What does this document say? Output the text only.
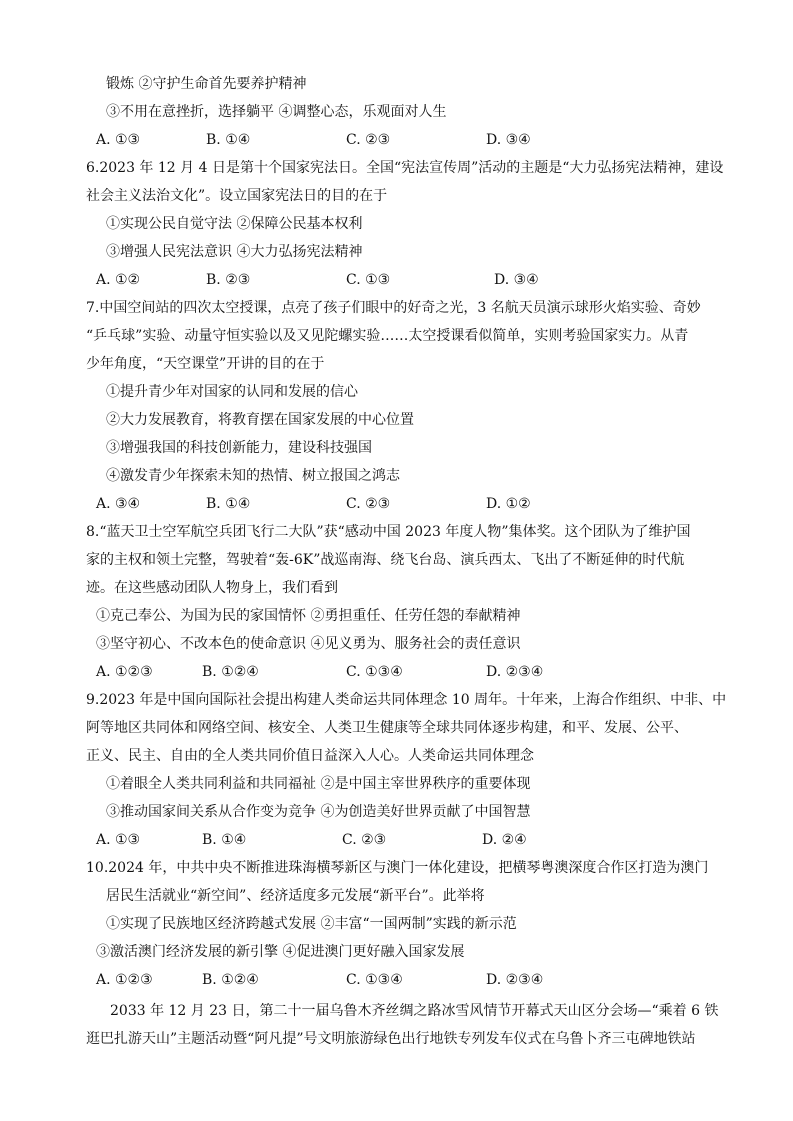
锻炼 ②守护生命首先要养护精神
③不用在意挫折，选择躺平 ④调整心态，乐观面对人生
A. ①③	B. ①④	C. ②③	D. ③④
6.2023 年 12 月 4 日是第十个国家宪法日。全国“宪法宣传周”活动的主题是“大力弘扬宪法精神，建设
社会主义法治文化”。设立国家宪法日的目的在于
①实现公民自觉守法 ②保障公民基本权利
③增强人民宪法意识 ④大力弘扬宪法精神
A. ①②	B. ②③	C. ①③	D. ③④
7.中国空间站的四次太空授课，点亮了孩子们眼中的好奇之光，3 名航天员演示球形火焰实验、奇妙
“乒乓球”实验、动量守恒实验以及又见陀螺实验……太空授课看似简单，实则考验国家实力。从青
少年角度，“天空课堂”开讲的目的在于
①提升青少年对国家的认同和发展的信心
②大力发展教育，将教育摆在国家发展的中心位置
③增强我国的科技创新能力，建设科技强国
④激发青少年探索未知的热情、树立报国之鸿志
A. ③④	B. ①④	C. ②③	D. ①②
8.“蓝天卫士空军航空兵团飞行二大队”获“感动中国 2023 年度人物”集体奖。这个团队为了维护国
家的主权和领土完整，驾驶着“轰-6K”战巡南海、绕飞台岛、演兵西太、飞出了不断延伸的时代航
迹。在这些感动团队人物身上，我们看到
①克己奉公、为国为民的家国情怀 ②勇担重任、任劳任怨的奉献精神
③坚守初心、不改本色的使命意识 ④见义勇为、服务社会的责任意识
A. ①②③	B. ①②④	C. ①③④	D. ②③④
9.2023 年是中国向国际社会提出构建人类命运共同体理念 10 周年。十年来，上海合作组织、中非、中
阿等地区共同体和网络空间、核安全、人类卫生健康等全球共同体逐步构建，和平、发展、公平、
正义、民主、自由的全人类共同价值日益深入人心。人类命运共同体理念
①着眼全人类共同利益和共同福祉 ②是中国主宰世界秩序的重要体现
③推动国家间关系从合作变为竞争 ④为创造美好世界贡献了中国智慧
A. ①③	B. ①④	C. ②③	D. ②④
10.2024 年，中共中央不断推进珠海横琴新区与澳门一体化建设，把横琴粤澳深度合作区打造为澳门
居民生活就业“新空间”、经济适度多元发展“新平台”。此举将
①实现了民族地区经济跨越式发展 ②丰富“一国两制”实践的新示范
③激活澳门经济发展的新引擎 ④促进澳门更好融入国家发展
A. ①②③	B. ①②④	C. ①③④	D. ②③④
2033 年 12 月 23 日，第二十一届乌鲁木齐丝绸之路冰雪风情节开幕式天山区分会场—“乘着 6 铁
逛巴扎游天山”主题活动暨“阿凡提”号文明旅游绿色出行地铁专列发车仪式在乌鲁卜齐三屯碑地铁站
